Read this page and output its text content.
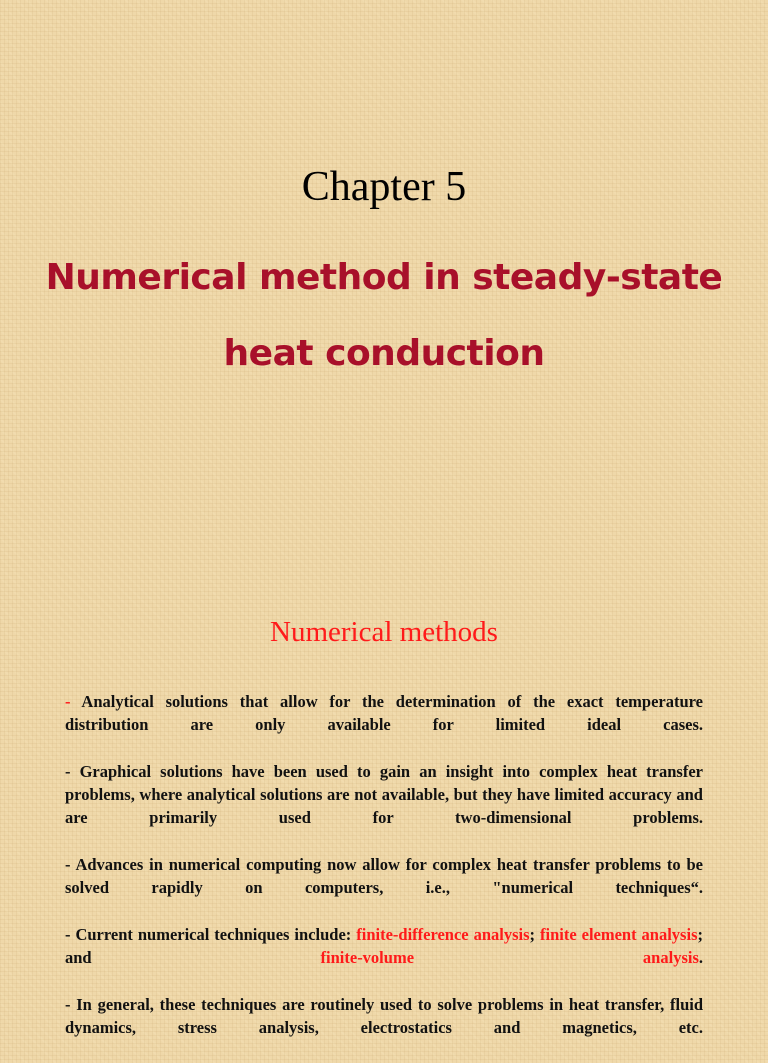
Chapter 5
Numerical method in steady-state heat conduction
Numerical methods

- Analytical solutions that allow for the determination of the exact temperature distribution are only available for limited ideal cases.

- Graphical solutions have been used to gain an insight into complex heat transfer problems, where analytical solutions are not available, but they have limited accuracy and are primarily used for two-dimensional problems.

- Advances in numerical computing now allow for complex heat transfer problems to be solved rapidly on computers, i.e., "numerical techniques“.

- Current numerical techniques include: finite-difference analysis; finite element analysis; and finite-volume analysis.

- In general, these techniques are routinely used to solve problems in heat transfer, fluid dynamics, stress analysis, electrostatics and magnetics, etc.
